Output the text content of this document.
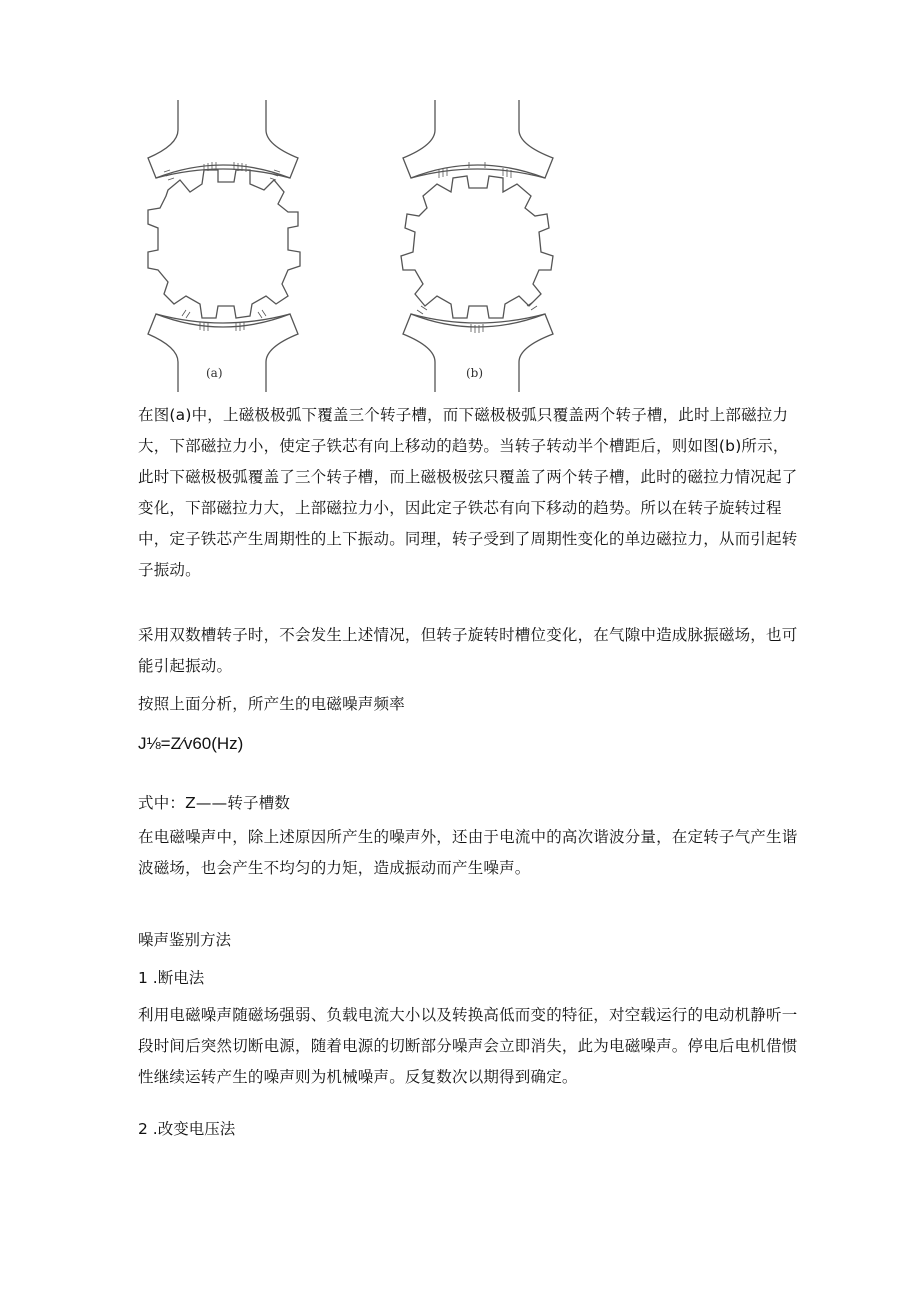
(a)	(b)
在图(a)中，上磁极极弧下覆盖三个转子槽，而下磁极极弧只覆盖两个转子槽，此时上部磁拉力大，下部磁拉力小，使定子铁芯有向上移动的趋势。当转子转动半个槽距后，则如图(b)所示，此时下磁极极弧覆盖了三个转子槽，而上磁极极弦只覆盖了两个转子槽，此时的磁拉力情况起了变化，下部磁拉力大，上部磁拉力小，因此定子铁芯有向下移动的趋势。所以在转子旋转过程中，定子铁芯产生周期性的上下振动。同理，转子受到了周期性变化的单边磁拉力，从而引起转子振动。
采用双数槽转子时，不会发生上述情况，但转子旋转时槽位变化，在气隙中造成脉振磁场，也可能引起振动。
按照上面分析，所产生的电磁噪声频率
J⅛=Z∕v60(Hz)
式中：Z——转子槽数
在电磁噪声中，除上述原因所产生的噪声外，还由于电流中的高次谐波分量，在定转子气产生谐波磁场，也会产生不均匀的力矩，造成振动而产生噪声。
噪声鉴别方法
1 .断电法
利用电磁噪声随磁场强弱、负载电流大小以及转换高低而变的特征，对空载运行的电动机静听一段时间后突然切断电源，随着电源的切断部分噪声会立即消失，此为电磁噪声。停电后电机借惯性继续运转产生的噪声则为机械噪声。反复数次以期得到确定。
2 .改变电压法
